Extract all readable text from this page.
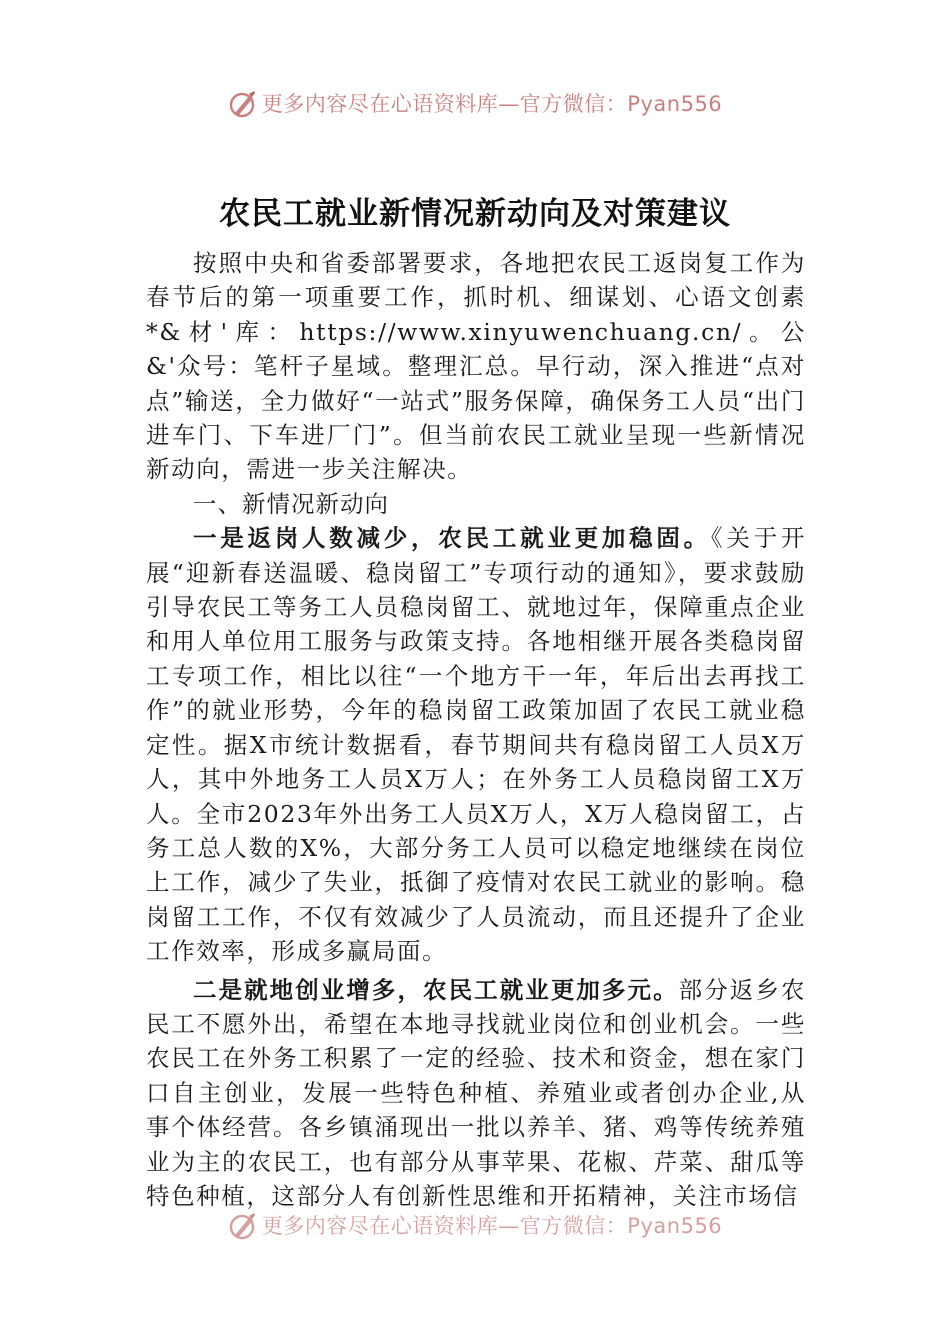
更多内容尽在心语资料库—官方微信：Pyan556
农民工就业新情况新动向及对策建议

按照中央和省委部署要求，各地把农民工返岗复工作为春节后的第一项重要工作，抓时机、细谋划、心语文创素*&材'库：https://www.xinyuwenchuang.cn/。公&'众号：笔杆子星域。整理汇总。早行动，深入推进“点对点”输送，全力做好“一站式”服务保障，确保务工人员“出门进车门、下车进厂门”。但当前农民工就业呈现一些新情况新动向，需进一步关注解决。

一、新情况新动向

一是返岗人数减少，农民工就业更加稳固。《关于开展“迎新春送温暖、稳岗留工”专项行动的通知》，要求鼓励引导农民工等务工人员稳岗留工、就地过年，保障重点企业和用人单位用工服务与政策支持。各地相继开展各类稳岗留工专项工作，相比以往“一个地方干一年，年后出去再找工作”的就业形势，今年的稳岗留工政策加固了农民工就业稳定性。据X市统计数据看，春节期间共有稳岗留工人员X万人，其中外地务工人员X万人；在外务工人员稳岗留工X万人。全市2023年外出务工人员X万人，X万人稳岗留工，占务工总人数的X%，大部分务工人员可以稳定地继续在岗位上工作，减少了失业，抵御了疫情对农民工就业的影响。稳岗留工工作，不仅有效减少了人员流动，而且还提升了企业工作效率，形成多赢局面。

二是就地创业增多，农民工就业更加多元。部分返乡农民工不愿外出，希望在本地寻找就业岗位和创业机会。一些农民工在外务工积累了一定的经验、技术和资金，想在家门口自主创业，发展一些特色种植、养殖业或者创办企业,从事个体经营。各乡镇涌现出一批以养羊、猪、鸡等传统养殖业为主的农民工，也有部分从事苹果、花椒、芹菜、甜瓜等特色种植，这部分人有创新性思维和开拓精神，关注市场信

更多内容尽在心语资料库—官方微信：Pyan556
